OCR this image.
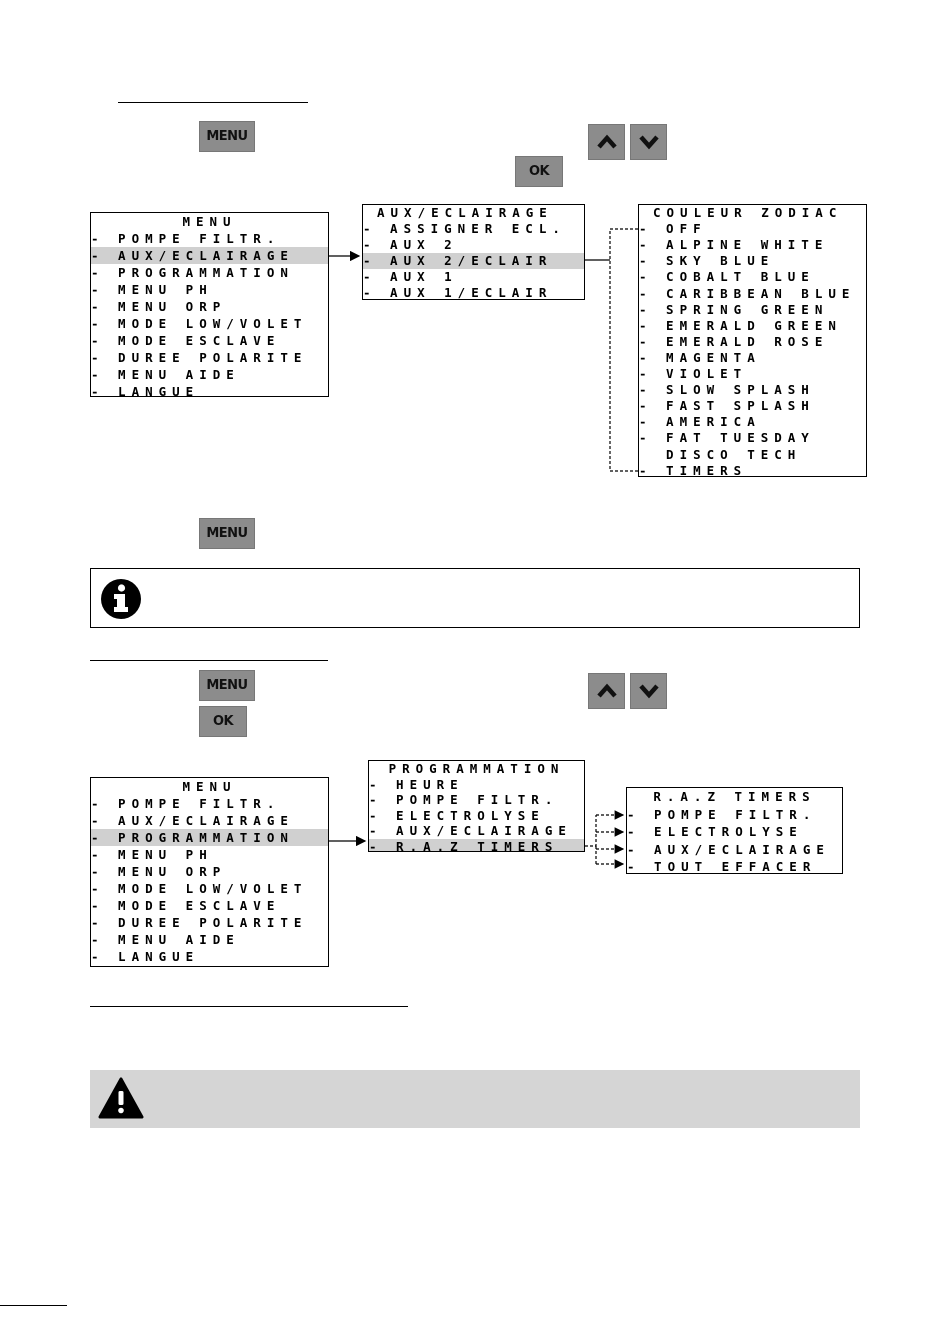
MENU
OK
MENU
- POMPE FILTR.
- AUX/ECLAIRAGE
- PROGRAMMATION
- MENU PH
- MENU ORP
- MODE LOW/VOLET
- MODE ESCLAVE
- DUREE POLARITE
- MENU AIDE
- LANGUE
AUX/ECLAIRAGE
- ASSIGNER ECL.
- AUX 2
- AUX 2/ECLAIR
- AUX 1
- AUX 1/ECLAIR
COULEUR ZODIAC
- OFF
- ALPINE WHITE
- SKY BLUE
- COBALT BLUE
- CARIBBEAN BLUE
- SPRING GREEN
- EMERALD GREEN
- EMERALD ROSE
- MAGENTA
- VIOLET
- SLOW SPLASH
- FAST SPLASH
- AMERICA
- FAT TUESDAY
DISCO TECH
- TIMERS
MENU
MENU
OK
MENU
- POMPE FILTR.
- AUX/ECLAIRAGE
- PROGRAMMATION
- MENU PH
- MENU ORP
- MODE LOW/VOLET
- MODE ESCLAVE
- DUREE POLARITE
- MENU AIDE
- LANGUE
PROGRAMMATION
- HEURE
- POMPE FILTR.
- ELECTROLYSE
- AUX/ECLAIRAGE
- R.A.Z TIMERS
R.A.Z TIMERS
- POMPE FILTR.
- ELECTROLYSE
- AUX/ECLAIRAGE
- TOUT EFFACER
